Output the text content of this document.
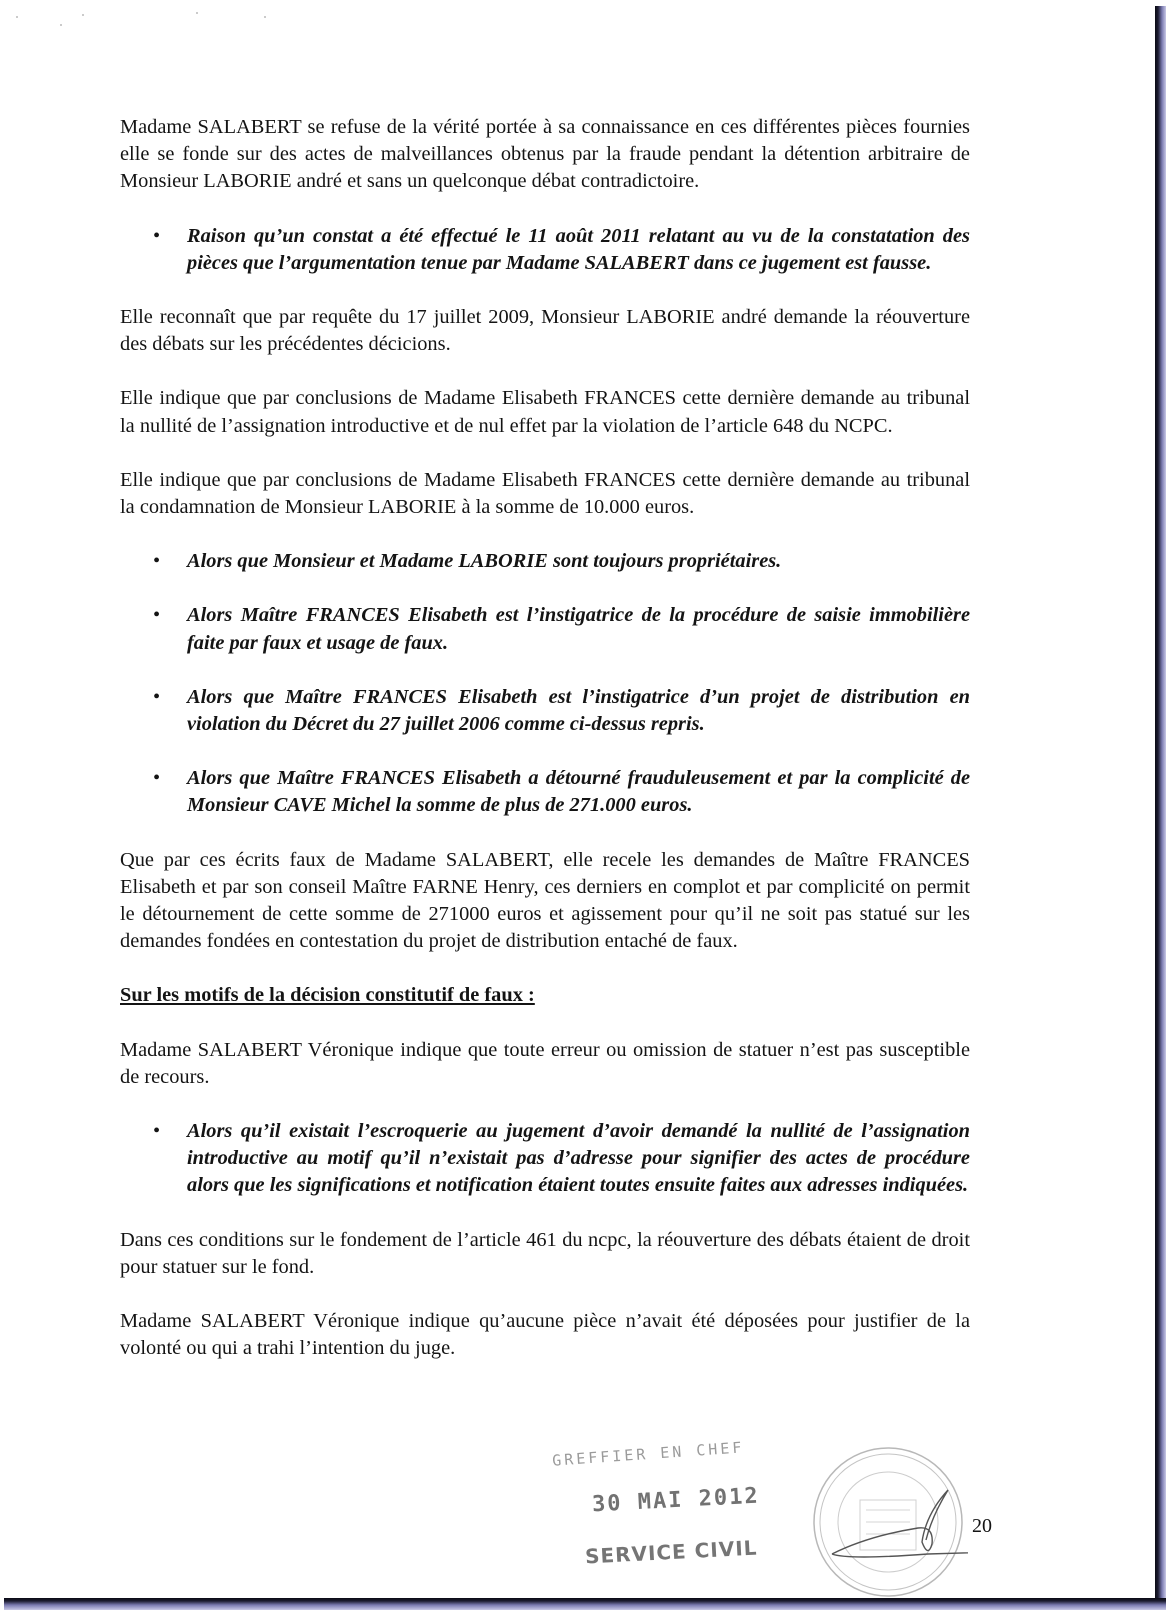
Madame SALABERT se refuse de la vérité portée à sa connaissance en ces différentes pièces fournies elle se fonde sur des actes de malveillances obtenus par la fraude pendant la détention arbitraire de Monsieur LABORIE andré et sans un quelconque débat contradictoire.

• Raison qu’un constat a été effectué le 11 août 2011 relatant au vu de la constatation des pièces que l’argumentation tenue par Madame SALABERT dans ce jugement est fausse.

Elle reconnaît que par requête du 17 juillet 2009, Monsieur LABORIE andré demande la réouverture des débats sur les précédentes décicions.

Elle indique que par conclusions de Madame Elisabeth FRANCES cette dernière demande au tribunal la nullité de l’assignation introductive et de nul effet par la violation de l’article 648 du NCPC.

Elle indique que par conclusions de Madame Elisabeth FRANCES cette dernière demande au tribunal la condamnation de Monsieur LABORIE à la somme de 10.000 euros.

• Alors que Monsieur et Madame LABORIE sont toujours propriétaires.
• Alors Maître FRANCES Elisabeth est l’instigatrice de la procédure de saisie immobilière faite par faux et usage de faux.
• Alors que Maître FRANCES Elisabeth est l’instigatrice d’un projet de distribution en violation du Décret du 27 juillet 2006 comme ci-dessus repris.
• Alors que Maître FRANCES Elisabeth a détourné frauduleusement et par la complicité de Monsieur CAVE Michel la somme de plus de 271.000 euros.

Que par ces écrits faux de Madame SALABERT, elle recele les demandes de Maître FRANCES Elisabeth et par son conseil Maître FARNE Henry, ces derniers en complot et par complicité on permit le détournement de cette somme de 271000 euros et agissement pour qu’il ne soit pas statué sur les demandes fondées en contestation du projet de distribution entaché de faux.

Sur les motifs de la décision constitutif de faux :

Madame SALABERT Véronique indique que toute erreur ou omission de statuer n’est pas susceptible de recours.

• Alors qu’il existait l’escroquerie au jugement d’avoir demandé la nullité de l’assignation introductive au motif qu’il n’existait pas d’adresse pour signifier des actes de procédure alors que les significations et notification étaient toutes ensuite faites aux adresses indiquées.

Dans ces conditions sur le fondement de l’article 461 du ncpc, la réouverture des débats étaient de droit pour statuer sur le fond.

Madame SALABERT Véronique indique qu’aucune pièce n’avait été déposées pour justifier de la volonté ou qui a trahi l’intention du juge.

GREFFIER EN CHEF
30 MAI 2012
SERVICE CIVIL
20
